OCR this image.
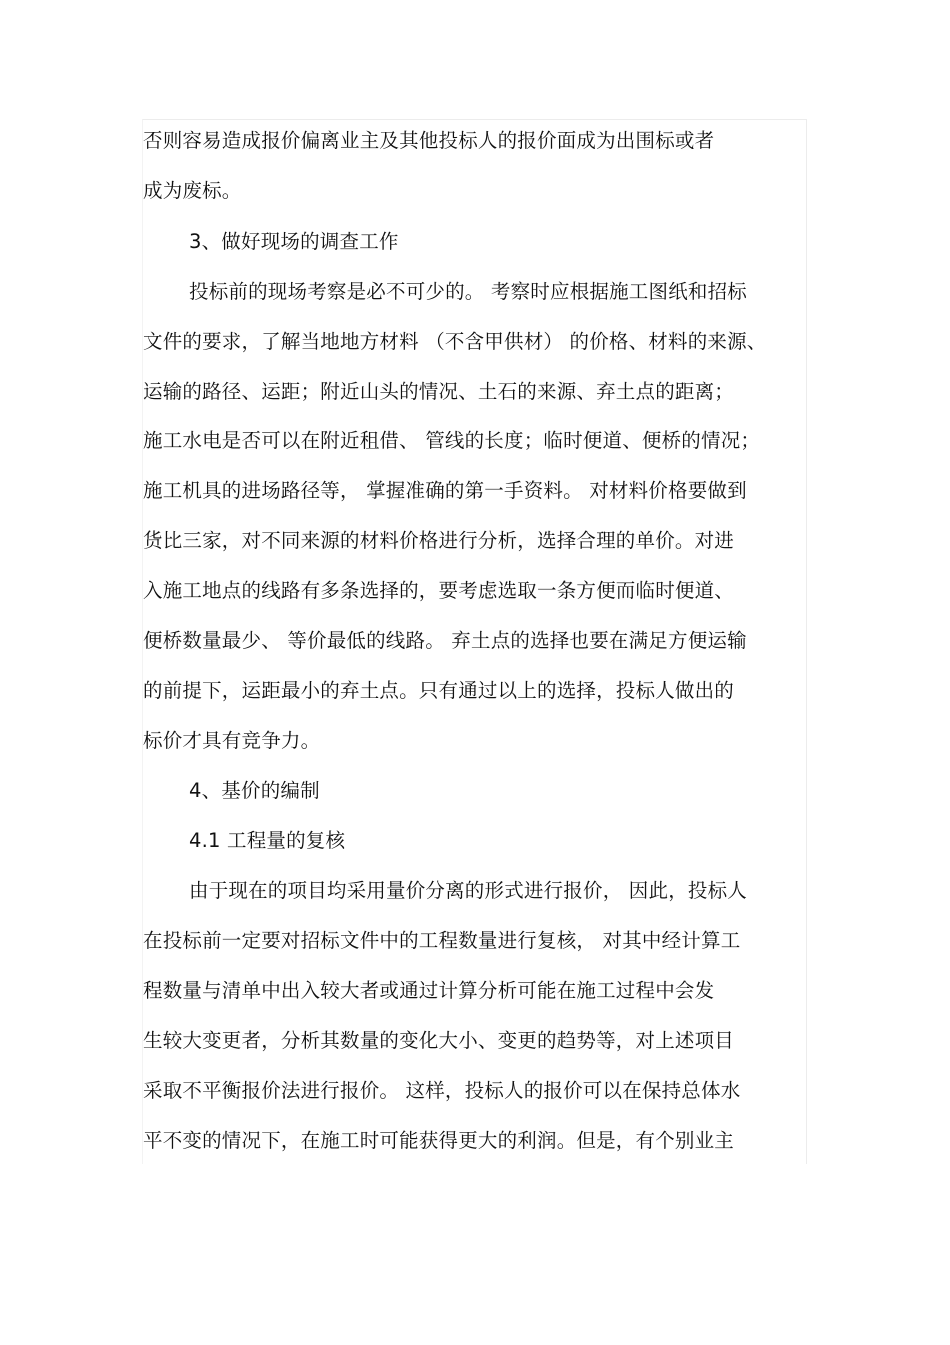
否则容易造成报价偏离业主及其他投标人的报价面成为出围标或者
成为废标。
3、做好现场的调查工作
投标前的现场考察是必不可少的。 考察时应根据施工图纸和招标
文件的要求，了解当地地方材料 （不含甲供材） 的价格、材料的来源、
运输的路径、运距；附近山头的情况、土石的来源、弃土点的距离；
施工水电是否可以在附近租借、 管线的长度；临时便道、便桥的情况；
施工机具的进场路径等， 掌握准确的第一手资料。 对材料价格要做到
货比三家，对不同来源的材料价格进行分析，选择合理的单价。对进
入施工地点的线路有多条选择的，要考虑选取一条方便而临时便道、
便桥数量最少、 等价最低的线路。 弃土点的选择也要在满足方便运输
的前提下，运距最小的弃土点。只有通过以上的选择，投标人做出的
标价才具有竞争力。
4、基价的编制
4.1 工程量的复核
由于现在的项目均采用量价分离的形式进行报价， 因此，投标人
在投标前一定要对招标文件中的工程数量进行复核， 对其中经计算工
程数量与清单中出入较大者或通过计算分析可能在施工过程中会发
生较大变更者，分析其数量的变化大小、变更的趋势等，对上述项目
采取不平衡报价法进行报价。 这样，投标人的报价可以在保持总体水
平不变的情况下，在施工时可能获得更大的利润。但是，有个别业主
